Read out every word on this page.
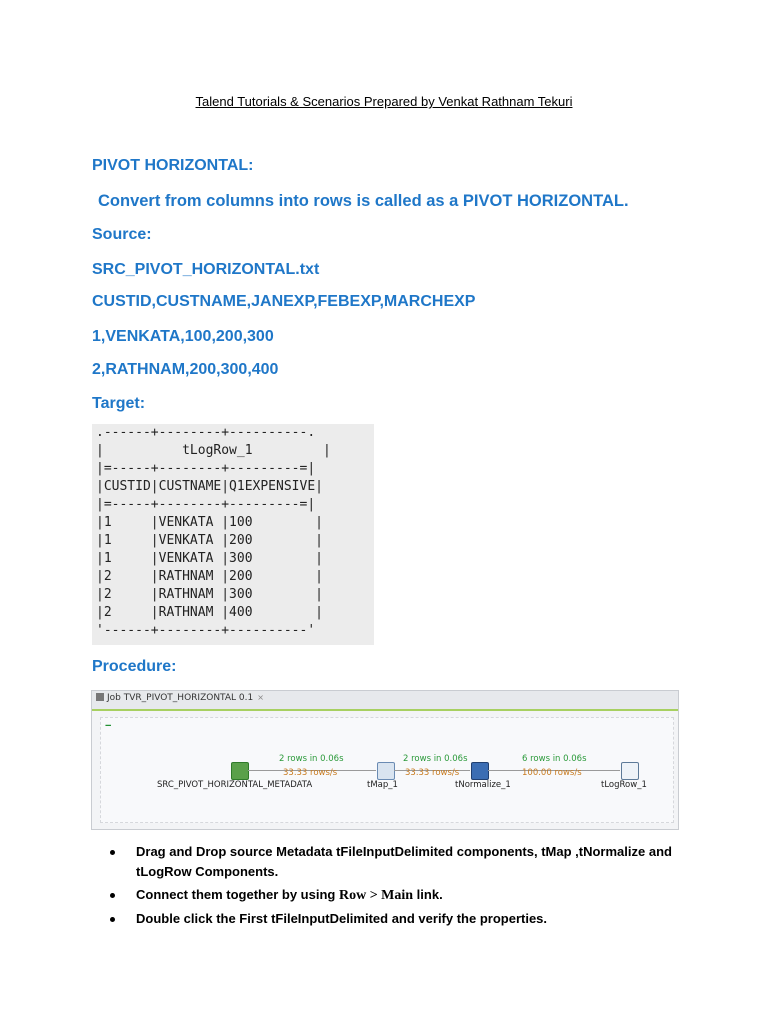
Talend Tutorials & Scenarios Prepared by Venkat Rathnam Tekuri
PIVOT HORIZONTAL:
Convert from columns into rows is called as a PIVOT HORIZONTAL.
Source:
SRC_PIVOT_HORIZONTAL.txt
CUSTID,CUSTNAME,JANEXP,FEBEXP,MARCHEXP
1,VENKATA,100,200,300
2,RATHNAM,200,300,400
Target:
.------+--------+----------.
|          tLogRow_1         |
|=-----+--------+---------=|
|CUSTID|CUSTNAME|Q1EXPENSIVE|
|=-----+--------+---------=|
|1     |VENKATA |100        |
|1     |VENKATA |200        |
|1     |VENKATA |300        |
|2     |RATHNAM |200        |
|2     |RATHNAM |300        |
|2     |RATHNAM |400        |
'------+--------+----------'
Procedure:
Job TVR_PIVOT_HORIZONTAL 0.1 ×
−
SRC_PIVOT_HORIZONTAL_METADATA	tMap_1	tNormalize_1	tLogRow_1
2 rows in 0.06s
33.33 rows/s
2 rows in 0.06s
33.33 rows/s
6 rows in 0.06s
100.00 rows/s
Drag and Drop source Metadata tFileInputDelimited components, tMap ,tNormalize and tLogRow Components.
Connect them together by using Row > Main link.
Double click the First tFileInputDelimited and verify the properties.
